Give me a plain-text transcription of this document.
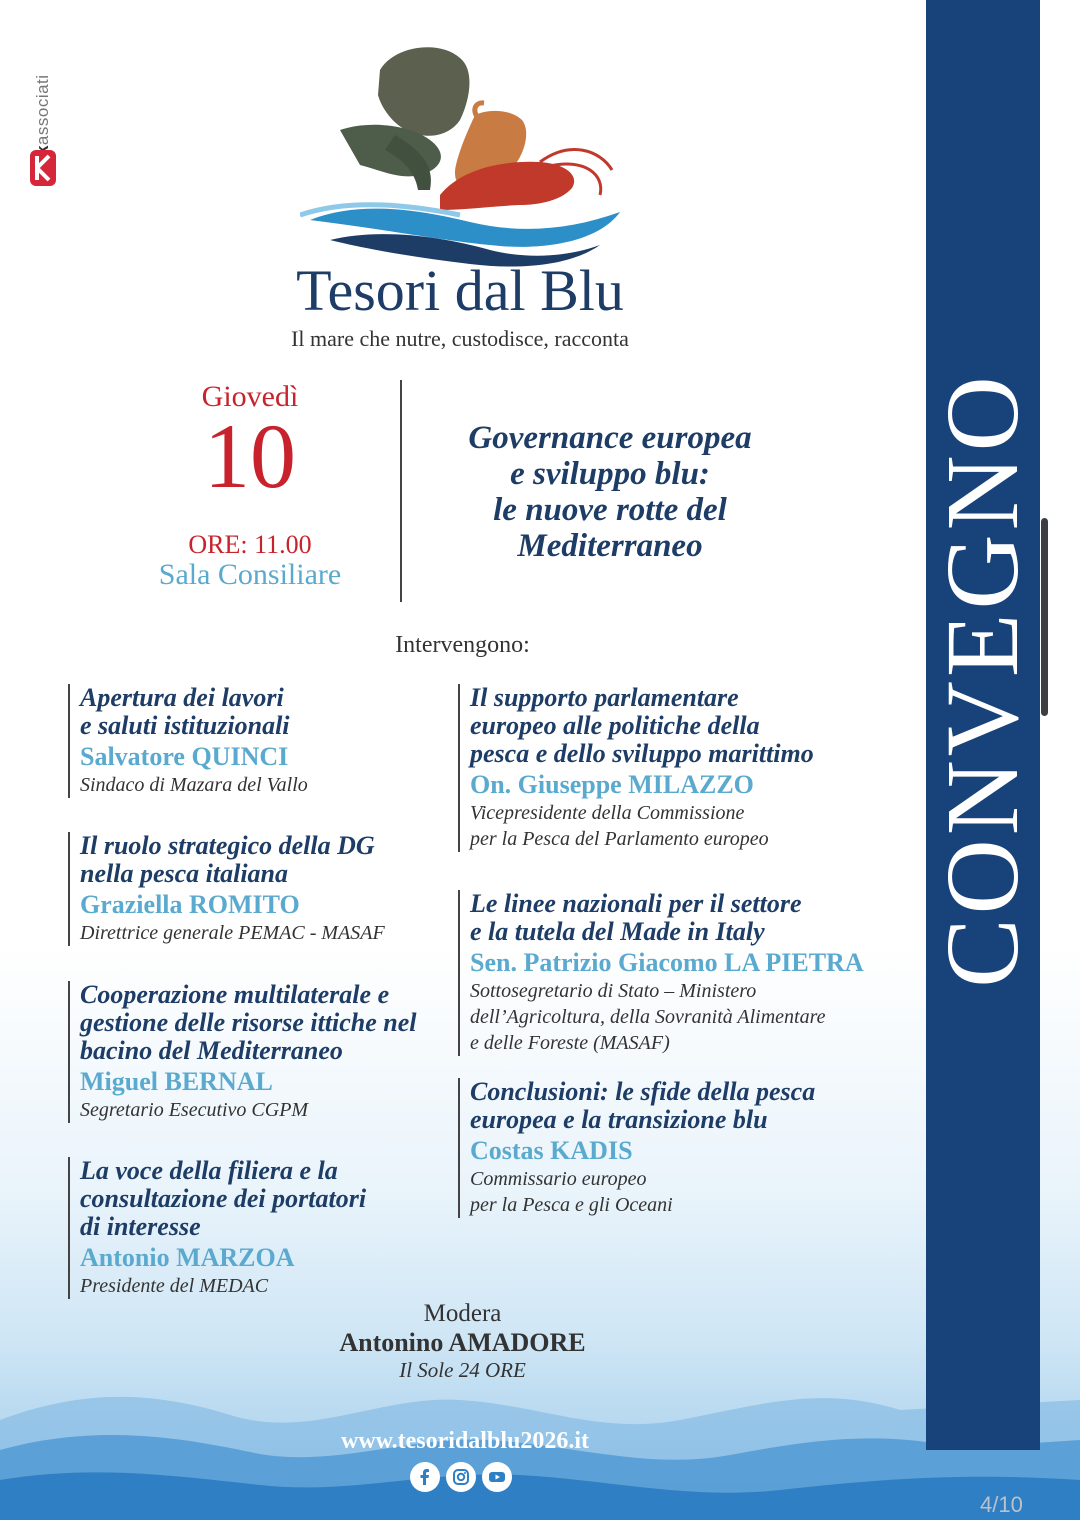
associati
Tesori dal Blu
Il mare che nutre, custodisce, racconta
Giovedì
10
ORE: 11.00
Sala Consiliare
Governance europea
e sviluppo blu:
le nuove rotte del
Mediterraneo
Intervengono:
Apertura dei lavori
e saluti istituzionali
Salvatore QUINCI
Sindaco di Mazara del Vallo
Il ruolo strategico della DG
nella pesca italiana
Graziella ROMITO
Direttrice generale PEMAC - MASAF
Cooperazione multilaterale e
gestione delle risorse ittiche nel
bacino del Mediterraneo
Miguel BERNAL
Segretario Esecutivo CGPM
La voce della filiera e la
consultazione dei portatori
di interesse
Antonio MARZOA
Presidente del MEDAC
Il supporto parlamentare
europeo alle politiche della
pesca e dello sviluppo marittimo
On. Giuseppe MILAZZO
Vicepresidente della Commissione
per la Pesca del Parlamento europeo
Le linee nazionali per il settore
e la tutela del Made in Italy
Sen. Patrizio Giacomo LA PIETRA
Sottosegretario di Stato – Ministero
dell’Agricoltura, della Sovranità Alimentare
e delle Foreste (MASAF)
Conclusioni: le sfide della pesca
europea e la transizione blu
Costas KADIS
Commissario europeo
per la Pesca e gli Oceani
Modera
Antonino AMADORE
Il Sole 24 ORE
www.tesoridalblu2026.it
CONVEGNO
4/10
